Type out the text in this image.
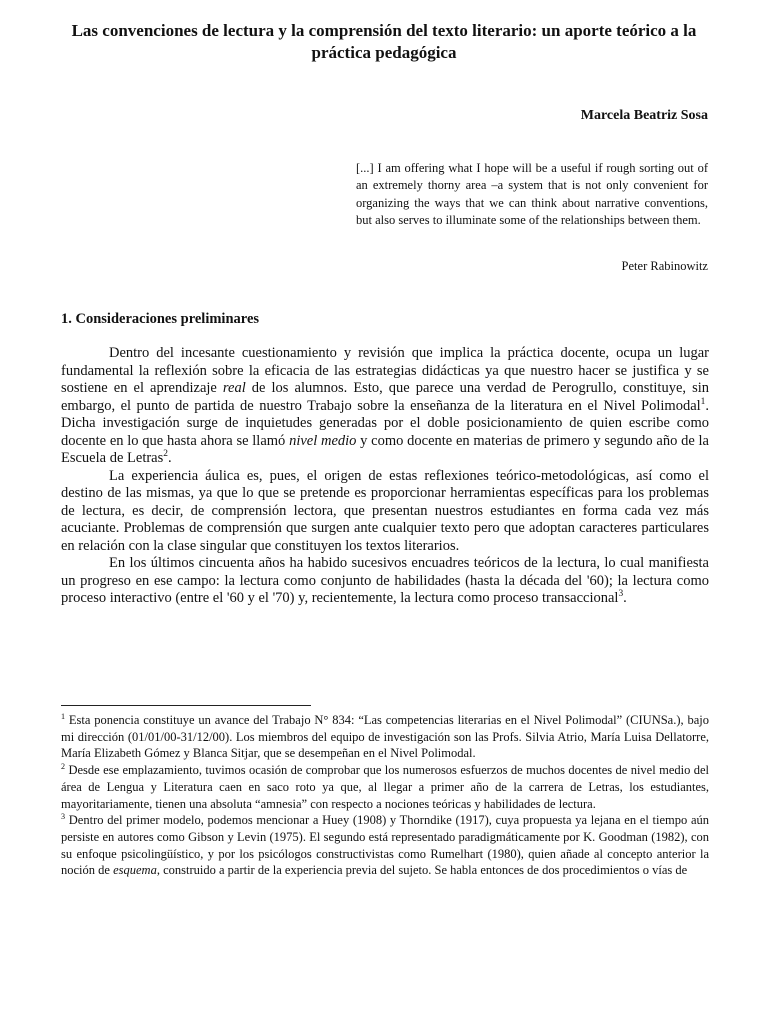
Las convenciones de lectura y la comprensión del texto literario: un aporte teórico a la práctica pedagógica
Marcela Beatriz Sosa
[...] I am offering what I hope will be a useful if rough sorting out of an extremely thorny area –a system that is not only convenient for organizing the ways that we can think about narrative conventions, but also serves to illuminate some of the relationships between them.
Peter Rabinowitz
1. Consideraciones preliminares

Dentro del incesante cuestionamiento y revisión que implica la práctica docente, ocupa un lugar fundamental la reflexión sobre la eficacia de las estrategias didácticas ya que nuestro hacer se justifica y se sostiene en el aprendizaje real de los alumnos. Esto, que parece una verdad de Perogrullo, constituye, sin embargo, el punto de partida de nuestro Trabajo sobre la enseñanza de la literatura en el Nivel Polimodal$^1$. Dicha investigación surge de inquietudes generadas por el doble posicionamiento de quien escribe como docente en lo que hasta ahora se llamó nivel medio y como docente en materias de primero y segundo año de la Escuela de Letras$^2$.

La experiencia áulica es, pues, el origen de estas reflexiones teórico-metodológicas, así como el destino de las mismas, ya que lo que se pretende es proporcionar herramientas específicas para los problemas de lectura, es decir, de comprensión lectora, que presentan nuestros estudiantes en forma cada vez más acuciante. Problemas de comprensión que surgen ante cualquier texto pero que adoptan caracteres particulares en relación con la clase singular que constituyen los textos literarios.

En los últimos cincuenta años ha habido sucesivos encuadres teóricos de la lectura, lo cual manifiesta un progreso en ese campo: la lectura como conjunto de habilidades (hasta la década del '60); la lectura como proceso interactivo (entre el '60 y el '70) y, recientemente, la lectura como proceso transaccional$^3$.

$^1$ Esta ponencia constituye un avance del Trabajo N° 834: “Las competencias literarias en el Nivel Polimodal” (CIUNSa.), bajo mi dirección (01/01/00-31/12/00). Los miembros del equipo de investigación son las Profs. Silvia Atrio, María Luisa Dellatorre, María Elizabeth Gómez y Blanca Sitjar, que se desempeñan en el Nivel Polimodal.

$^2$ Desde ese emplazamiento, tuvimos ocasión de comprobar que los numerosos esfuerzos de muchos docentes de nivel medio del área de Lengua y Literatura caen en saco roto ya que, al llegar a primer año de la carrera de Letras, los estudiantes, mayoritariamente, tienen una absoluta “amnesia” con respecto a nociones teóricas y habilidades de lectura.

$^3$ Dentro del primer modelo, podemos mencionar a Huey (1908) y Thorndike (1917), cuya propuesta ya lejana en el tiempo aún persiste en autores como Gibson y Levin (1975). El segundo está representado paradigmáticamente por K. Goodman (1982), con su enfoque psicolingüístico, y por los psicólogos constructivistas como Rumelhart (1980), quien añade al concepto anterior la noción de esquema, construido a partir de la experiencia previa del sujeto. Se habla entonces de dos procedimientos o vías de
